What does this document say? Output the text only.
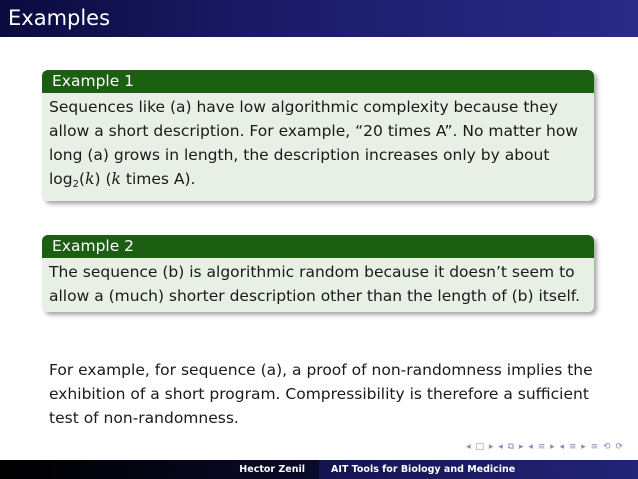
Examples
Example 1

Sequences like (a) have low algorithmic complexity because they allow a short description. For example, “20 times A”. No matter how long (a) grows in length, the description increases only by about $\log_2(k)$ (k times A).

Example 2

The sequence (b) is algorithmic random because it doesn’t seem to allow a (much) shorter description other than the length of (b) itself.

For example, for sequence (a), a proof of non-randomness implies the exhibition of a short program. Compressibility is therefore a sufficient test of non-randomness.

◂ □ ▸ ◂ ⧉ ▸ ◂ ≡ ▸ ◂ ≡ ▸ ≡ ⟲ ⟳
Hector Zenil	AIT Tools for Biology and Medicine
